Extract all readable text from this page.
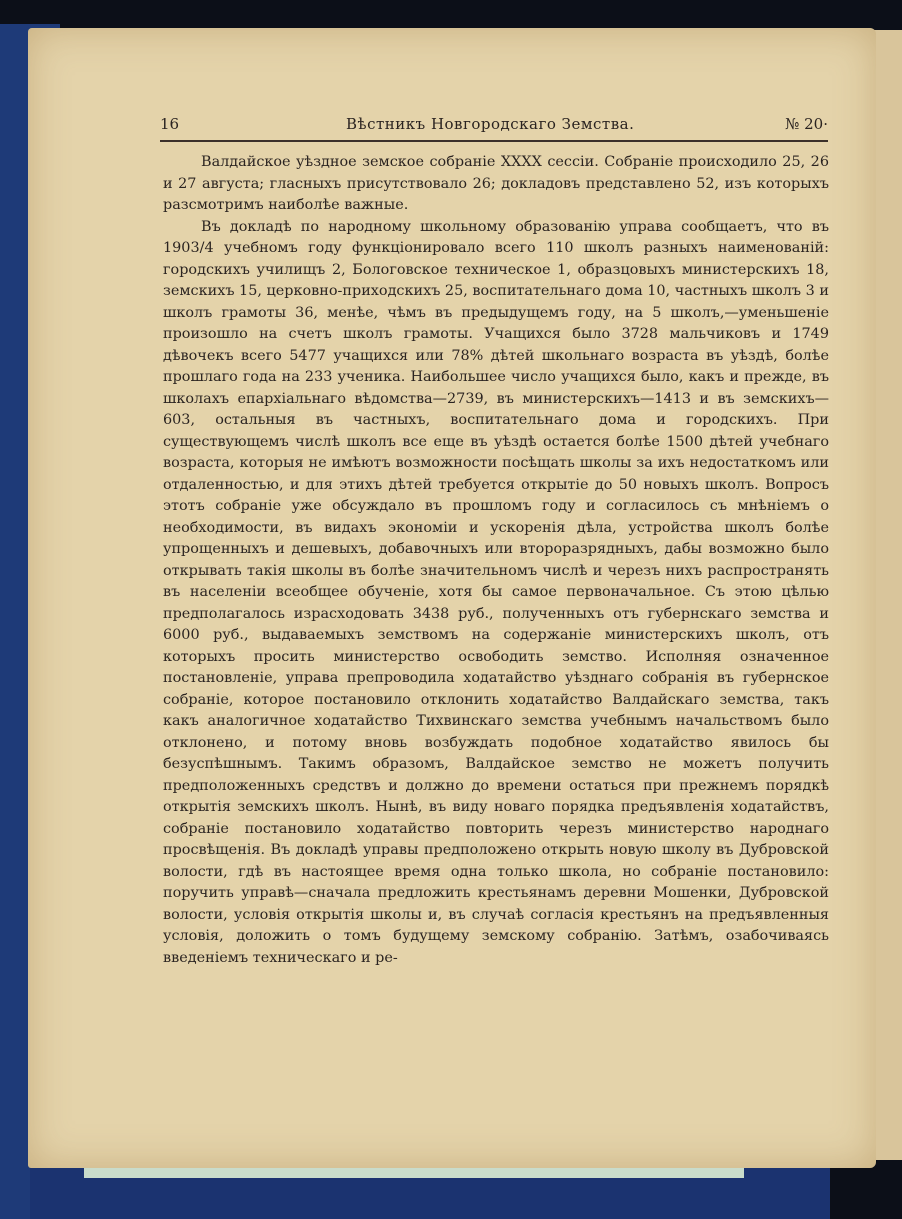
16	Вѣстникъ Новгородскаго Земства.	№ 20·

Валдайское уѣздное земское собраніе XXXX сессіи. Собраніе происходило 25, 26 и 27 августа; гласныхъ присутствовало 26; докладовъ представлено 52, изъ которыхъ разсмотримъ наиболѣе важные.

Въ докладѣ по народному школьному образованію управа сообщаетъ, что въ 1903/4 учебномъ году функціонировало всего 110 школъ разныхъ наименованій: городскихъ училищъ 2, Бологовское техническое 1, образцовыхъ министерскихъ 18, земскихъ 15, церковно-приходскихъ 25, воспитательнаго дома 10, частныхъ школъ 3 и школъ грамоты 36, менѣе, чѣмъ въ предыдущемъ году, на 5 школъ,—уменьшеніе произошло на счетъ школъ грамоты. Учащихся было 3728 мальчиковъ и 1749 дѣвочекъ всего 5477 учащихся или 78% дѣтей школьнаго возраста въ уѣздѣ, болѣе прошлаго года на 233 ученика. Наибольшее число учащихся было, какъ и прежде, въ школахъ епархіальнаго вѣдомства—2739, въ министерскихъ—1413 и въ земскихъ—603, остальныя въ частныхъ, воспитательнаго дома и городскихъ. При существующемъ числѣ школъ все еще въ уѣздѣ остается болѣе 1500 дѣтей учебнаго возраста, которыя не имѣютъ возможности посѣщать школы за ихъ недостаткомъ или отдаленностью, и для этихъ дѣтей требуется открытіе до 50 новыхъ школъ. Вопросъ этотъ собраніе уже обсуждало въ прошломъ году и согласилось съ мнѣніемъ о необходимости, въ видахъ экономіи и ускоренія дѣла, устройства школъ болѣе упрощенныхъ и дешевыхъ, добавочныхъ или второразрядныхъ, дабы возможно было открывать такія школы въ болѣе значительномъ числѣ и черезъ нихъ распространять въ населеніи всеобщее обученіе, хотя бы самое первоначальное. Съ этою цѣлью предполагалось израсходовать 3438 руб., полученныхъ отъ губернскаго земства и 6000 руб., выдаваемыхъ земствомъ на содержаніе министерскихъ школъ, отъ которыхъ просить министерство освободить земство. Исполняя означенное постановленіе, управа препроводила ходатайство уѣзднаго собранія въ губернское собраніе, которое постановило отклонить ходатайство Валдайскаго земства, такъ какъ аналогичное ходатайство Тихвинскаго земства учебнымъ начальствомъ было отклонено, и потому вновь возбуждать подобное ходатайство явилось бы безуспѣшнымъ. Такимъ образомъ, Валдайское земство не можетъ получить предположенныхъ средствъ и должно до времени остаться при прежнемъ порядкѣ открытія земскихъ школъ. Нынѣ, въ виду новаго порядка предъявленія ходатайствъ, собраніе постановило ходатайство повторить черезъ министерство народнаго просвѣщенія. Въ докладѣ управы предположено открыть новую школу въ Дубровской волости, гдѣ въ настоящее время одна только школа, но собраніе постановило: поручить управѣ—сначала предложить крестьянамъ деревни Мошенки, Дубровской волости, условія открытія школы и, въ случаѣ согласія крестьянъ на предъявленныя условія, доложить о томъ будущему земскому собранію. Затѣмъ, озабочиваясь введеніемъ техническаго и ре-
